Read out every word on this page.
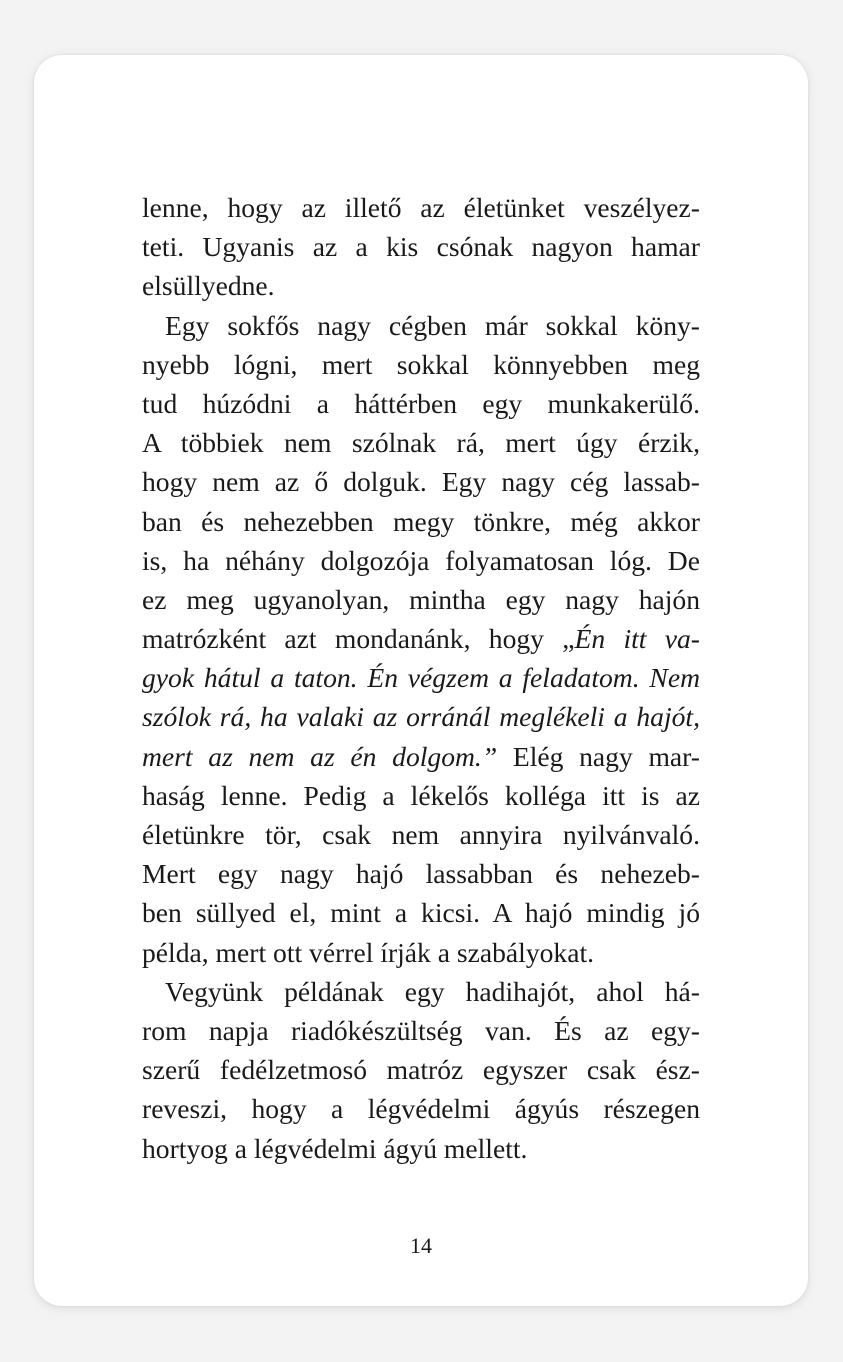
lenne, hogy az illető az életünket veszélyez-
teti. Ugyanis az a kis csónak nagyon hamar
elsüllyedne.
Egy sokfős nagy cégben már sokkal köny-
nyebb lógni, mert sokkal könnyebben meg
tud húzódni a háttérben egy munkakerülő.
A többiek nem szólnak rá, mert úgy érzik,
hogy nem az ő dolguk. Egy nagy cég lassab-
ban és nehezebben megy tönkre, még akkor
is, ha néhány dolgozója folyamatosan lóg. De
ez meg ugyanolyan, mintha egy nagy hajón
matrózként azt mondanánk, hogy „Én itt va-
gyok hátul a taton. Én végzem a feladatom. Nem
szólok rá, ha valaki az orránál meglékeli a hajót,
mert az nem az én dolgom.” Elég nagy mar-
haság lenne. Pedig a lékelős kolléga itt is az
életünkre tör, csak nem annyira nyilvánvaló.
Mert egy nagy hajó lassabban és nehezeb-
ben süllyed el, mint a kicsi. A hajó mindig jó
példa, mert ott vérrel írják a szabályokat.
Vegyünk példának egy hadihajót, ahol há-
rom napja riadókészültség van. És az egy-
szerű fedélzetmosó matróz egyszer csak ész-
reveszi, hogy a légvédelmi ágyús részegen
hortyog a légvédelmi ágyú mellett.
14
